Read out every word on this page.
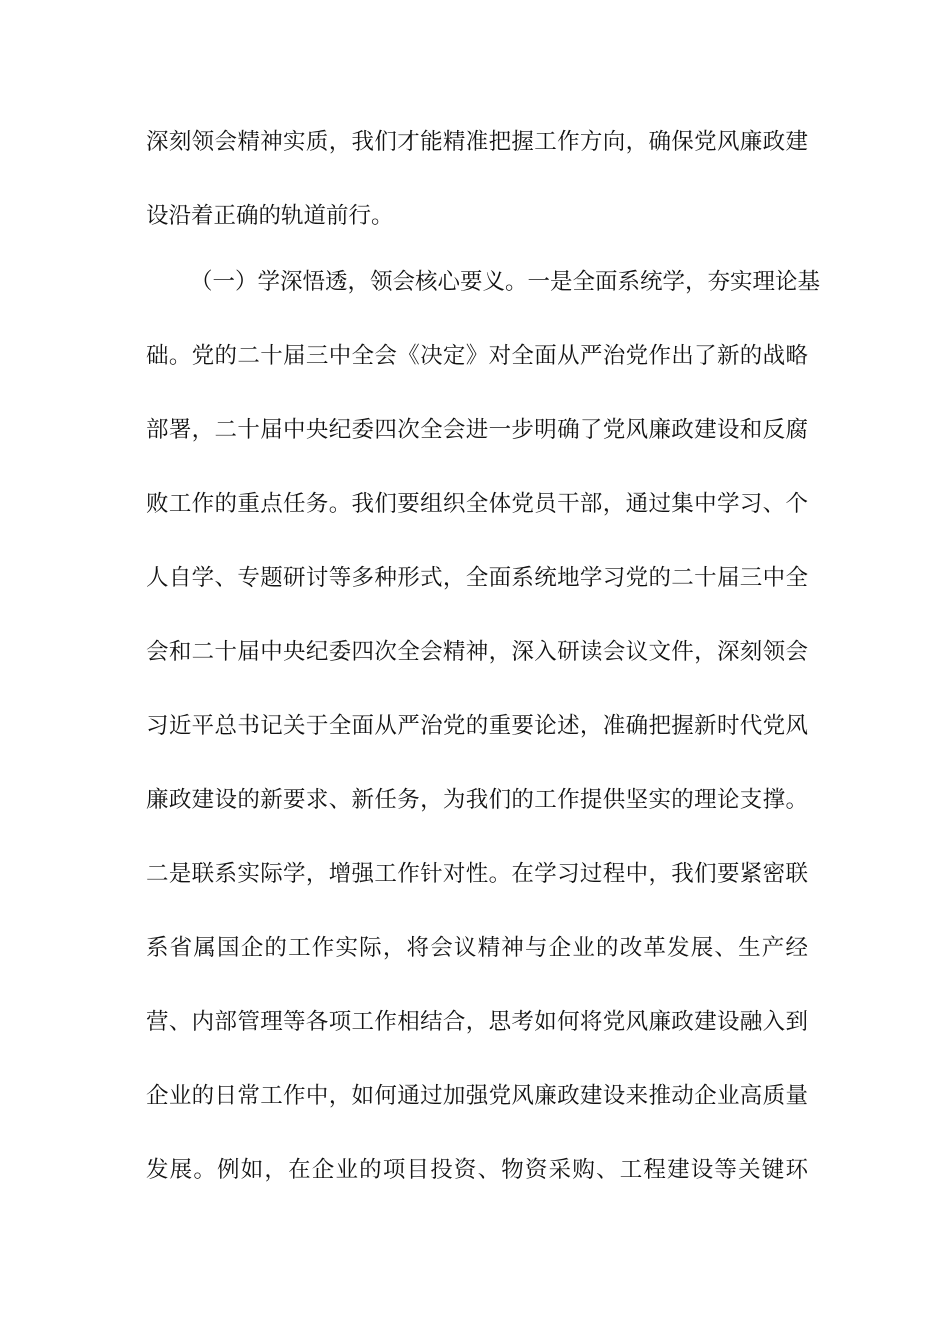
深刻领会精神实质，我们才能精准把握工作方向，确保党风廉政建
设沿着正确的轨道前行。
（一）学深悟透，领会核心要义。一是全面系统学，夯实理论基
础。党的二十届三中全会《决定》对全面从严治党作出了新的战略
部署，二十届中央纪委四次全会进一步明确了党风廉政建设和反腐
败工作的重点任务。我们要组织全体党员干部，通过集中学习、个
人自学、专题研讨等多种形式，全面系统地学习党的二十届三中全
会和二十届中央纪委四次全会精神，深入研读会议文件，深刻领会
习近平总书记关于全面从严治党的重要论述，准确把握新时代党风
廉政建设的新要求、新任务，为我们的工作提供坚实的理论支撑。
二是联系实际学，增强工作针对性。在学习过程中，我们要紧密联
系省属国企的工作实际，将会议精神与企业的改革发展、生产经
营、内部管理等各项工作相结合，思考如何将党风廉政建设融入到
企业的日常工作中，如何通过加强党风廉政建设来推动企业高质量
发展。例如，在企业的项目投资、物资采购、工程建设等关键环
